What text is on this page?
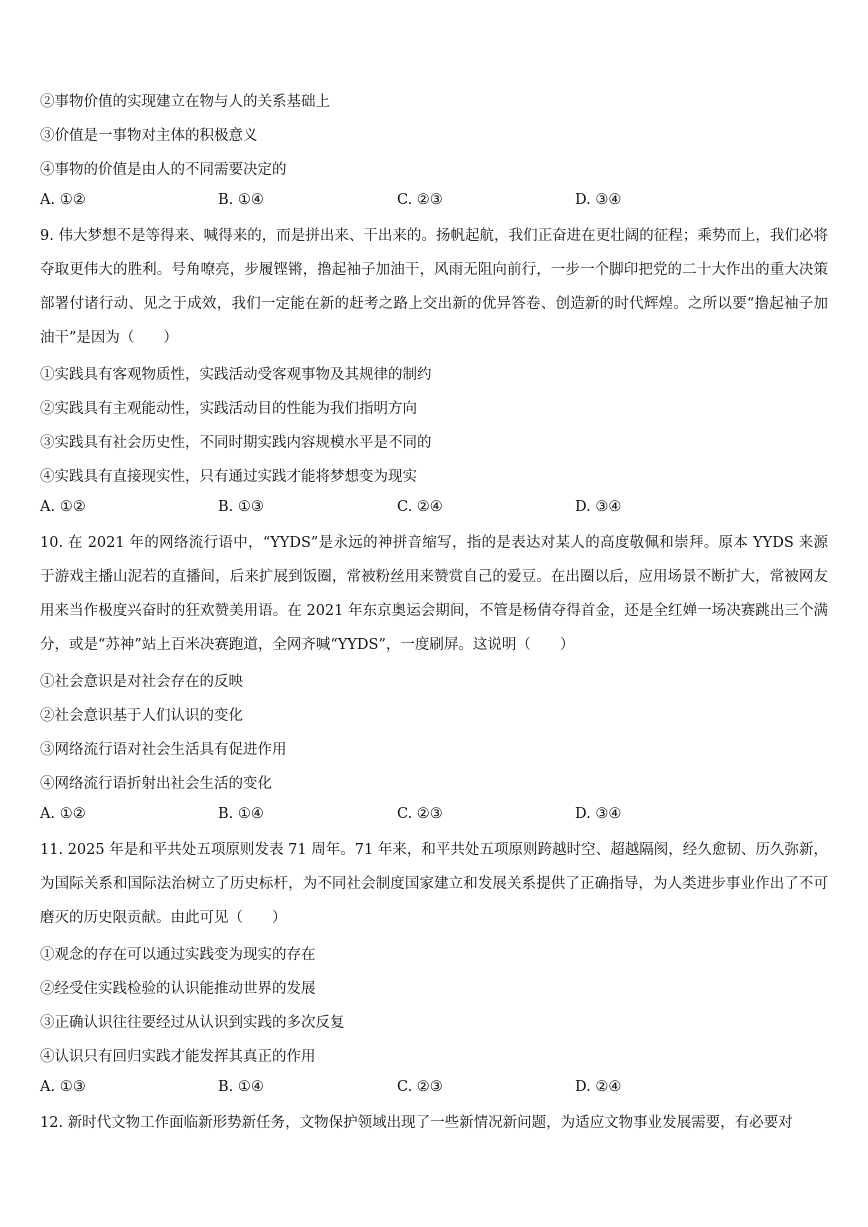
②事物价值的实现建立在物与人的关系基础上
③价值是一事物对主体的积极意义
④事物的价值是由人的不同需要决定的
A. ①②	B. ①④	C. ②③	D. ③④
9. 伟大梦想不是等得来、喊得来的，而是拼出来、干出来的。扬帆起航，我们正奋进在更壮阔的征程；乘势而上，我们必将夺取更伟大的胜利。号角嘹亮，步履铿锵，撸起袖子加油干，风雨无阻向前行，一步一个脚印把党的二十大作出的重大决策部署付诸行动、见之于成效，我们一定能在新的赶考之路上交出新的优异答卷、创造新的时代辉煌。之所以要“撸起袖子加油干”是因为（　　）
①实践具有客观物质性，实践活动受客观事物及其规律的制约
②实践具有主观能动性，实践活动目的性能为我们指明方向
③实践具有社会历史性，不同时期实践内容规模水平是不同的
④实践具有直接现实性，只有通过实践才能将梦想变为现实
A. ①②	B. ①③	C. ②④	D. ③④
10. 在 2021 年的网络流行语中，“YYDS”是永远的神拼音缩写，指的是表达对某人的高度敬佩和崇拜。原本 YYDS 来源于游戏主播山泥若的直播间，后来扩展到饭圈，常被粉丝用来赞赏自己的爱豆。在出圈以后，应用场景不断扩大，常被网友用来当作极度兴奋时的狂欢赞美用语。在 2021 年东京奥运会期间，不管是杨倩夺得首金，还是全红婵一场决赛跳出三个满分，或是“苏神”站上百米决赛跑道，全网齐喊“YYDS”，一度刷屏。这说明（　　）
①社会意识是对社会存在的反映
②社会意识基于人们认识的变化
③网络流行语对社会生活具有促进作用
④网络流行语折射出社会生活的变化
A. ①②	B. ①④	C. ②③	D. ③④
11. 2025 年是和平共处五项原则发表 71 周年。71 年来，和平共处五项原则跨越时空、超越隔阂，经久愈韧、历久弥新，为国际关系和国际法治树立了历史标杆，为不同社会制度国家建立和发展关系提供了正确指导，为人类进步事业作出了不可磨灭的历史限贡献。由此可见（　　）
①观念的存在可以通过实践变为现实的存在
②经受住实践检验的认识能推动世界的发展
③正确认识往往要经过从认识到实践的多次反复
④认识只有回归实践才能发挥其真正的作用
A. ①③	B. ①④	C. ②③	D. ②④
12. 新时代文物工作面临新形势新任务，文物保护领域出现了一些新情况新问题，为适应文物事业发展需要，有必要对
